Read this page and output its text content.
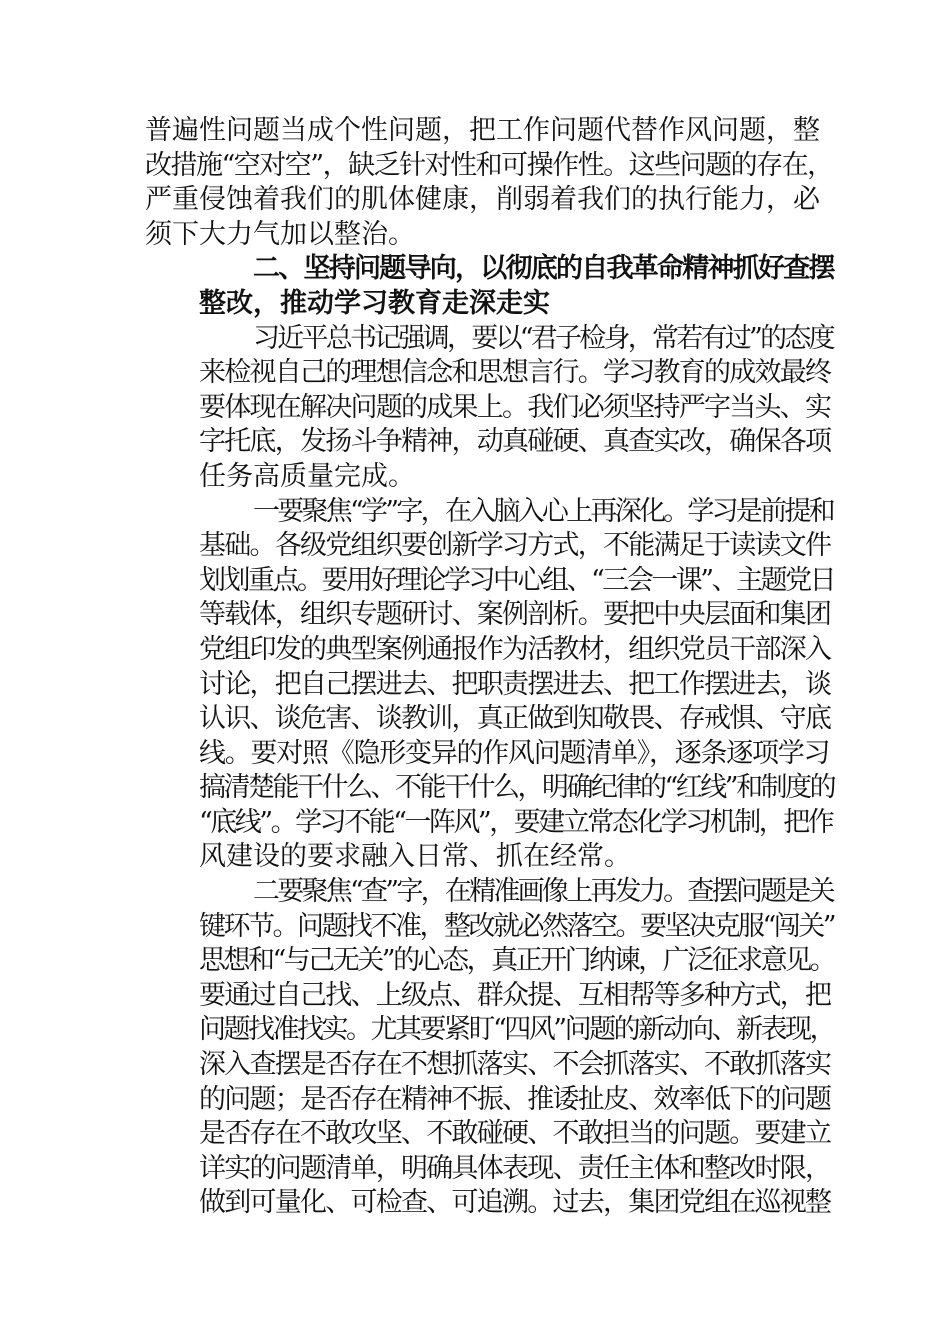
普遍性问题当成个性问题，把工作问题代替作风问题，整
改措施“空对空”，缺乏针对性和可操作性。这些问题的存在，
严重侵蚀着我们的肌体健康，削弱着我们的执行能力，必
须下大力气加以整治。

二、坚持问题导向，以彻底的自我革命精神抓好查摆
整改，推动学习教育走深走实

习近平总书记强调，要以“君子检身，常若有过”的态度
来检视自己的理想信念和思想言行。学习教育的成效最终
要体现在解决问题的成果上。我们必须坚持严字当头、实
字托底，发扬斗争精神，动真碰硬、真查实改，确保各项
任务高质量完成。

一要聚焦“学”字，在入脑入心上再深化。学习是前提和
基础。各级党组织要创新学习方式，不能满足于读读文件
划划重点。要用好理论学习中心组、“三会一课”、主题党日
等载体，组织专题研讨、案例剖析。要把中央层面和集团
党组印发的典型案例通报作为活教材，组织党员干部深入
讨论，把自己摆进去、把职责摆进去、把工作摆进去，谈
认识、谈危害、谈教训，真正做到知敬畏、存戒惧、守底
线。要对照《隐形变异的作风问题清单》，逐条逐项学习
搞清楚能干什么、不能干什么，明确纪律的“红线”和制度的
“底线”。学习不能“一阵风”，要建立常态化学习机制，把作
风建设的要求融入日常、抓在经常。

二要聚焦“查”字，在精准画像上再发力。查摆问题是关
键环节。问题找不准，整改就必然落空。要坚决克服“闯关”
思想和“与己无关”的心态，真正开门纳谏，广泛征求意见。
要通过自己找、上级点、群众提、互相帮等多种方式，把
问题找准找实。尤其要紧盯“四风”问题的新动向、新表现，
深入查摆是否存在不想抓落实、不会抓落实、不敢抓落实
的问题；是否存在精神不振、推诿扯皮、效率低下的问题
是否存在不敢攻坚、不敢碰硬、不敢担当的问题。要建立
详实的问题清单，明确具体表现、责任主体和整改时限，
做到可量化、可检查、可追溯。过去，集团党组在巡视整
